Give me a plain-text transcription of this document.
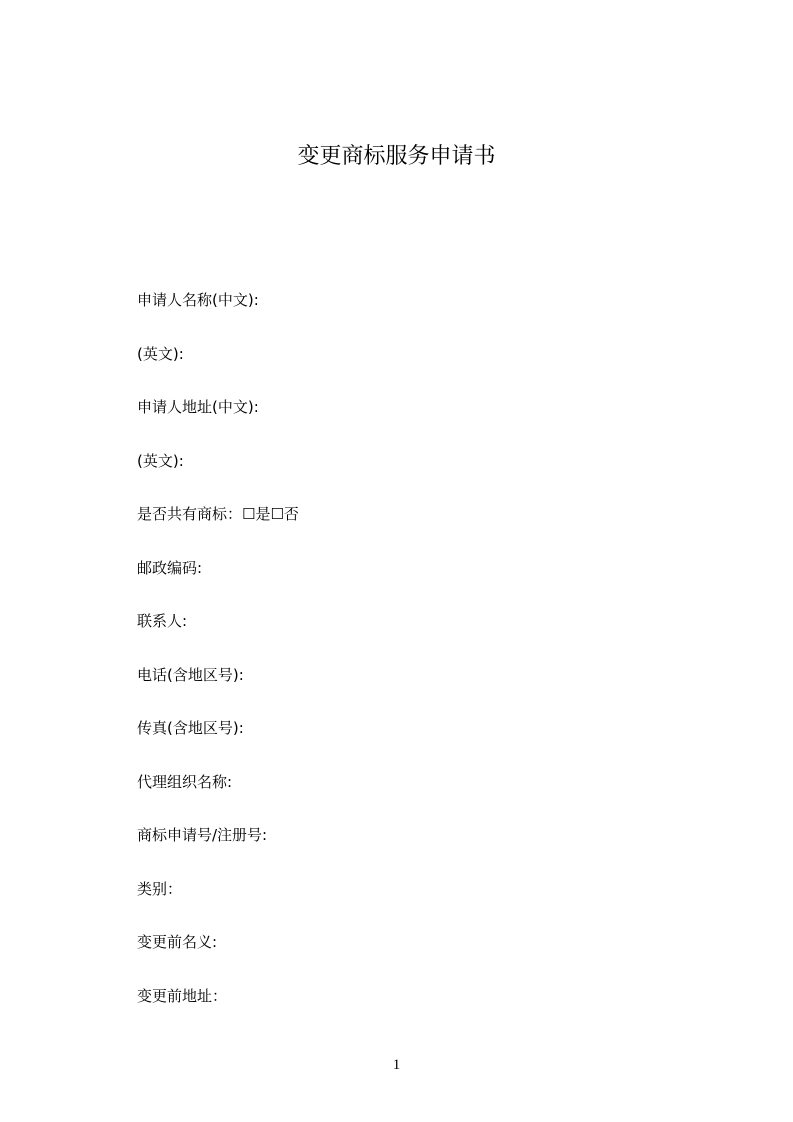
变更商标服务申请书
申请人名称(中文):
(英文):
申请人地址(中文):
(英文):
是否共有商标：☐是☐否
邮政编码:
联系人:
电话(含地区号):
传真(含地区号):
代理组织名称:
商标申请号/注册号:
类别：
变更前名义:
变更前地址：
1
